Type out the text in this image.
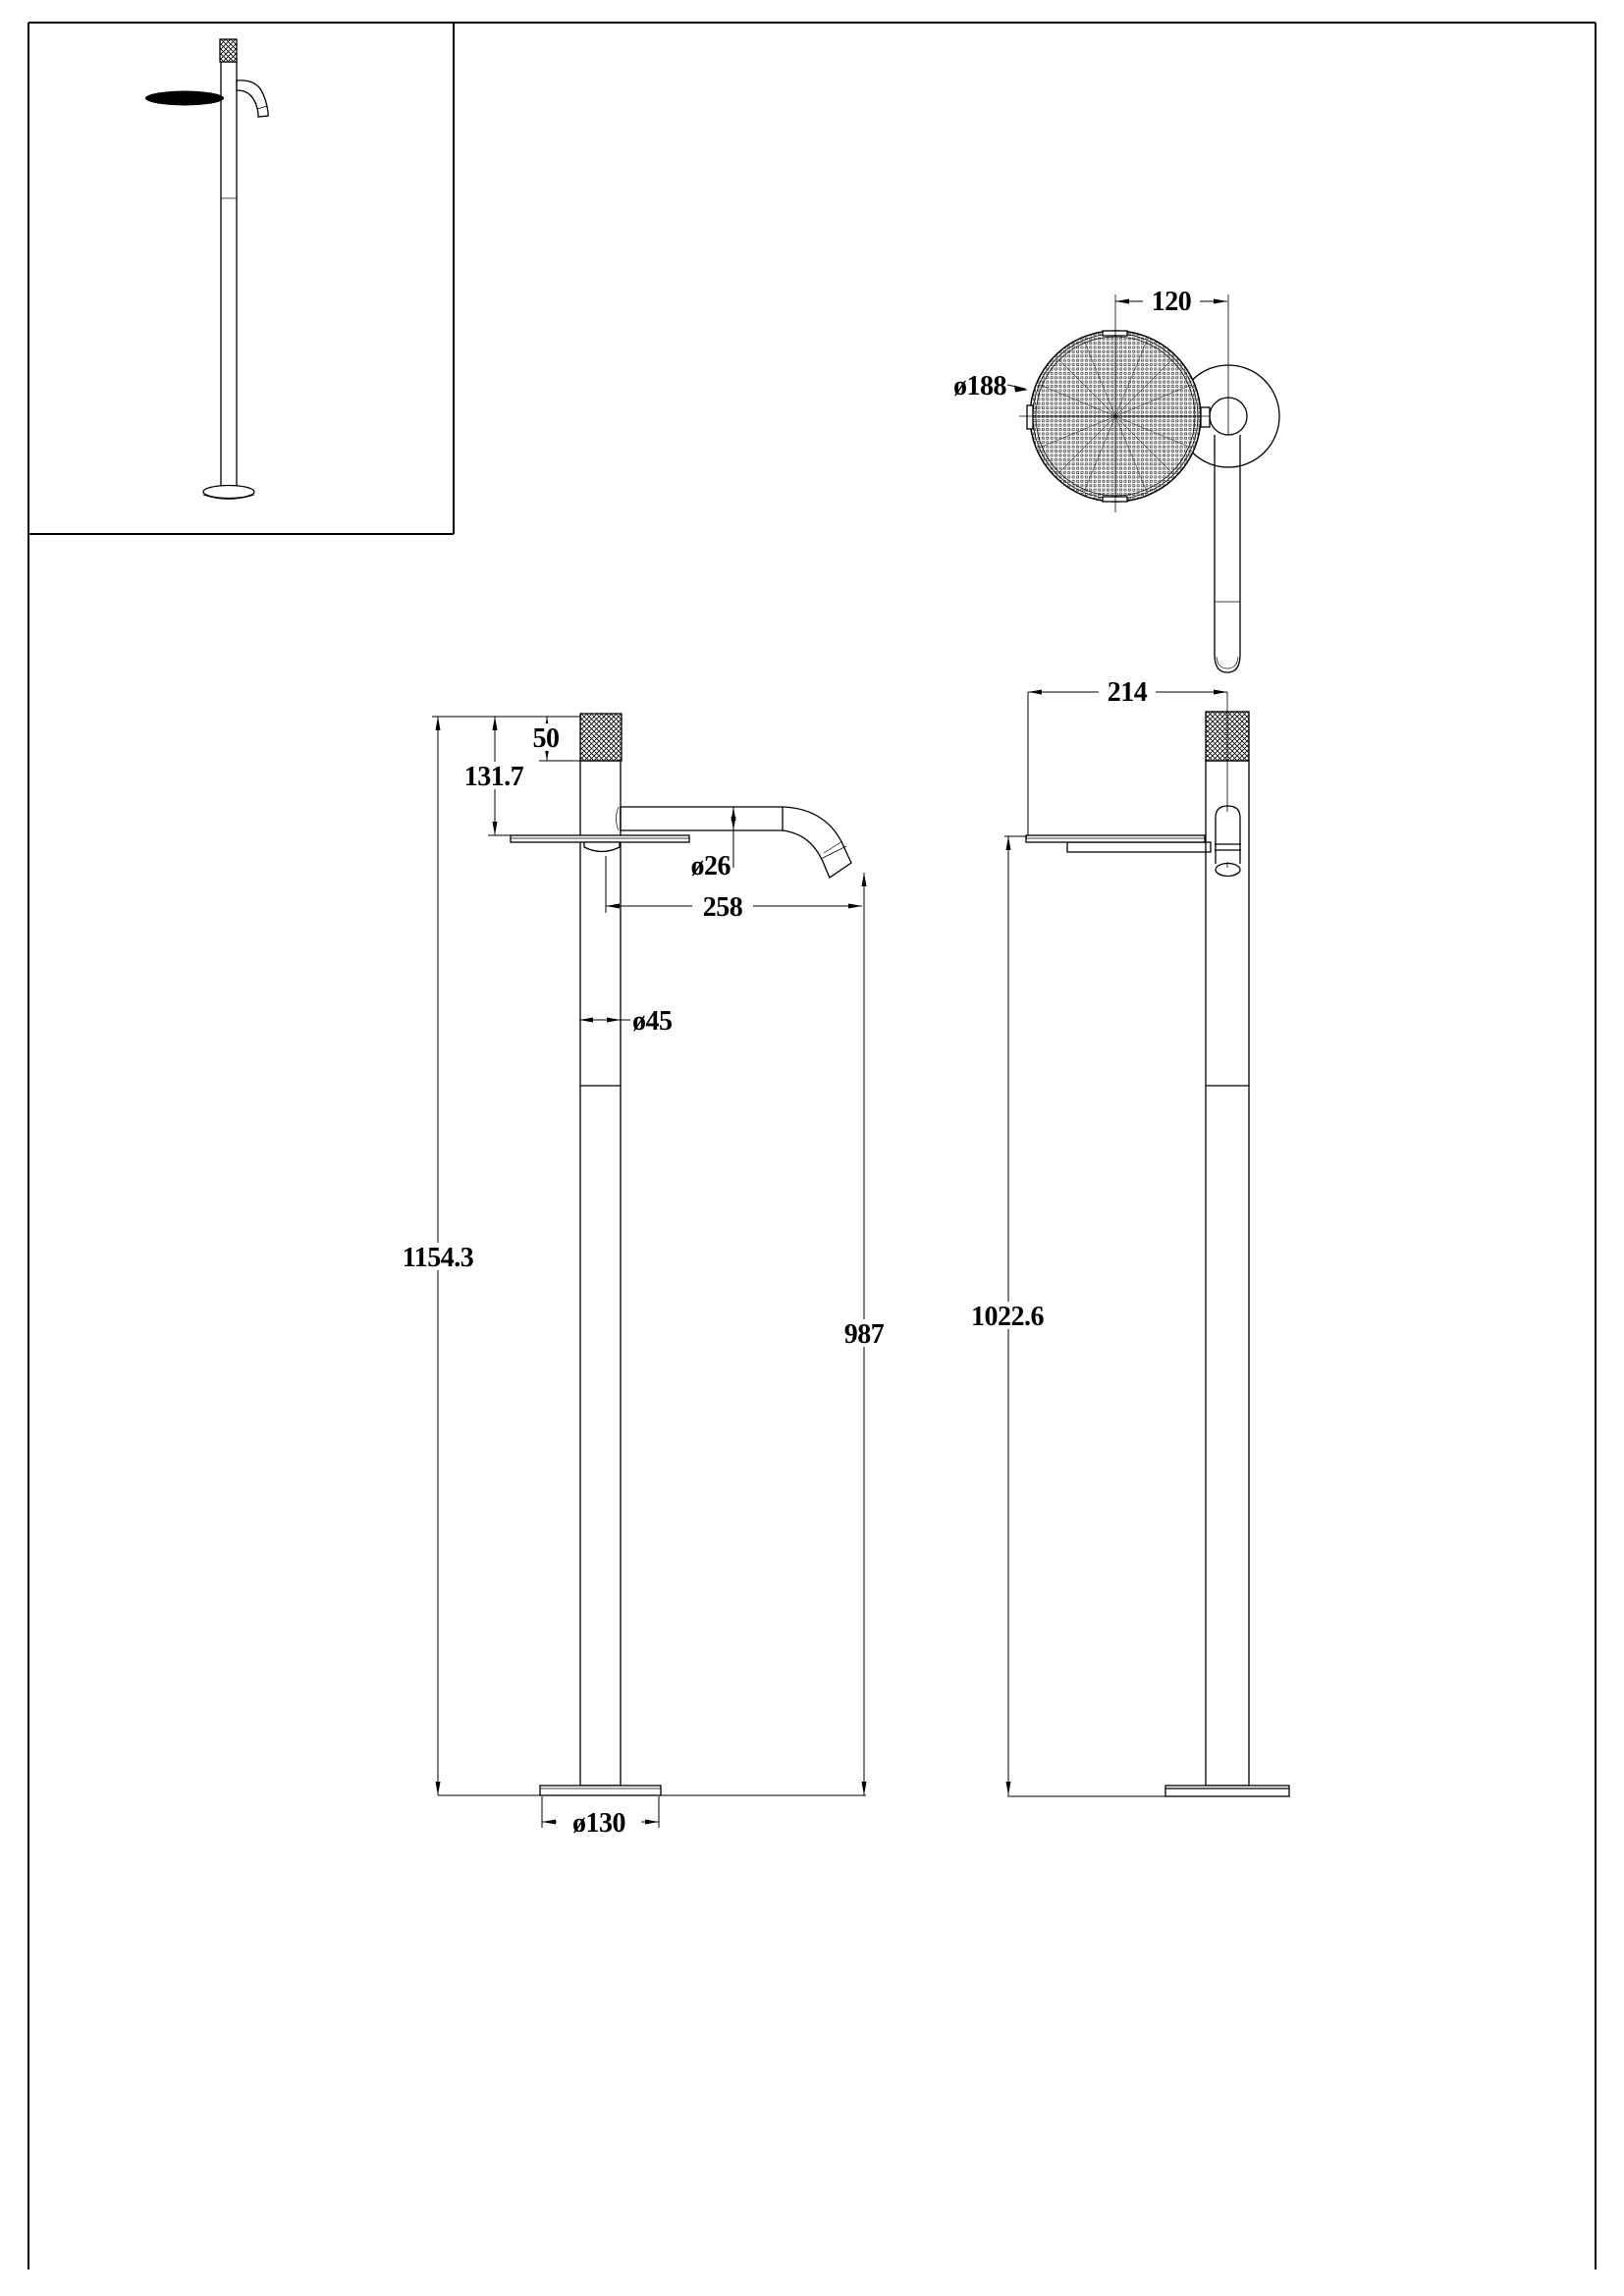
120
ø188
1154.3
131.7
50
ø45
ø26
258
987
ø130
214
1022.6
